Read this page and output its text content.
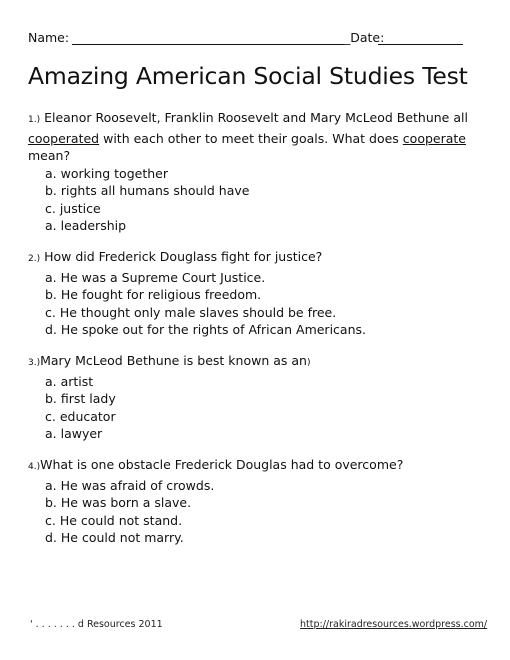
Name:	_Date: _
Amazing American Social Studies Test

1.) Eleanor Roosevelt, Franklin Roosevelt and Mary McLeod Bethune all cooperated with each other to meet their goals. What does cooperate mean?

a. working together
b. rights all humans should have
c. justice
a. leadership

2.) How did Frederick Douglass fight for justice?

a. He was a Supreme Court Justice.
b. He fought for religious freedom.
c. He thought only male slaves should be free.
d. He spoke out for the rights of African Americans.

3.)Mary McLeod Bethune is best known as an)

a. artist
b. first lady
c. educator
a. lawyer

4.)What is one obstacle Frederick Douglas had to overcome?

a. He was afraid of crowds.
b. He was born a slave.
c. He could not stand.
d. He could not marry.
' . . . . . . . d Resources 2011	http://rakiradresources.wordpress.com/
